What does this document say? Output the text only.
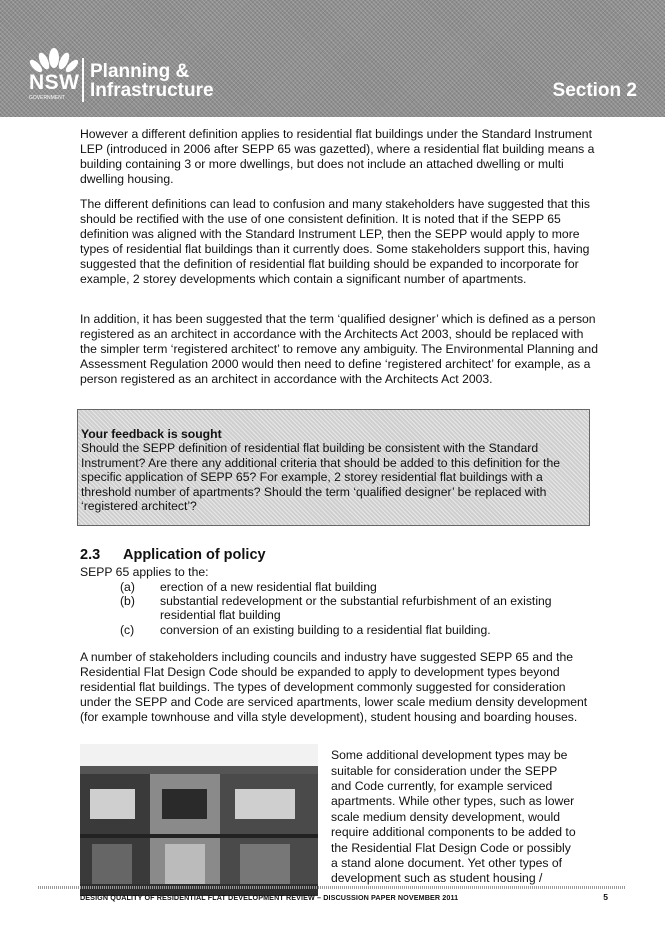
NSW
GOVERNMENT
Planning &
Infrastructure	Section 2

However a different definition applies to residential flat buildings under the Standard Instrument LEP (introduced in 2006 after SEPP 65 was gazetted), where a residential flat building means a building containing 3 or more dwellings, but does not include an attached dwelling or multi dwelling housing.

The different definitions can lead to confusion and many stakeholders have suggested that this should be rectified with the use of one consistent definition. It is noted that if the SEPP 65 definition was aligned with the Standard Instrument LEP, then the SEPP would apply to more types of residential flat buildings than it currently does. Some stakeholders support this, having suggested that the definition of residential flat building should be expanded to incorporate for example, 2 storey developments which contain a significant number of apartments.

In addition, it has been suggested that the term ‘qualified designer’ which is defined as a person registered as an architect in accordance with the Architects Act 2003, should be replaced with the simpler term ‘registered architect’ to remove any ambiguity. The Environmental Planning and Assessment Regulation 2000 would then need to define ‘registered architect’ for example, as a person registered as an architect in accordance with the Architects Act 2003.

Your feedback is sought
Should the SEPP definition of residential flat building be consistent with the Standard Instrument? Are there any additional criteria that should be added to this definition for the specific application of SEPP 65? For example, 2 storey residential flat buildings with a threshold number of apartments? Should the term ‘qualified designer’ be replaced with ‘registered architect’?
2.3 Application of policy

SEPP 65 applies to the:

(a) erection of a new residential flat building
(b) substantial redevelopment or the substantial refurbishment of an existing residential flat building
(c) conversion of an existing building to a residential flat building.

A number of stakeholders including councils and industry have suggested SEPP 65 and the Residential Flat Design Code should be expanded to apply to development types beyond residential flat buildings. The types of development commonly suggested for consideration under the SEPP and Code are serviced apartments, lower scale medium density development (for example townhouse and villa style development), student housing and boarding houses.

Some additional development types may be suitable for consideration under the SEPP and Code currently, for example serviced apartments. While other types, such as lower scale medium density development, would require additional components to be added to the Residential Flat Design Code or possibly a stand alone document. Yet other types of development such as student housing /

DESIGN QUALITY OF RESIDENTIAL FLAT DEVELOPMENT REVIEW – DISCUSSION PAPER NOVEMBER 2011	5
